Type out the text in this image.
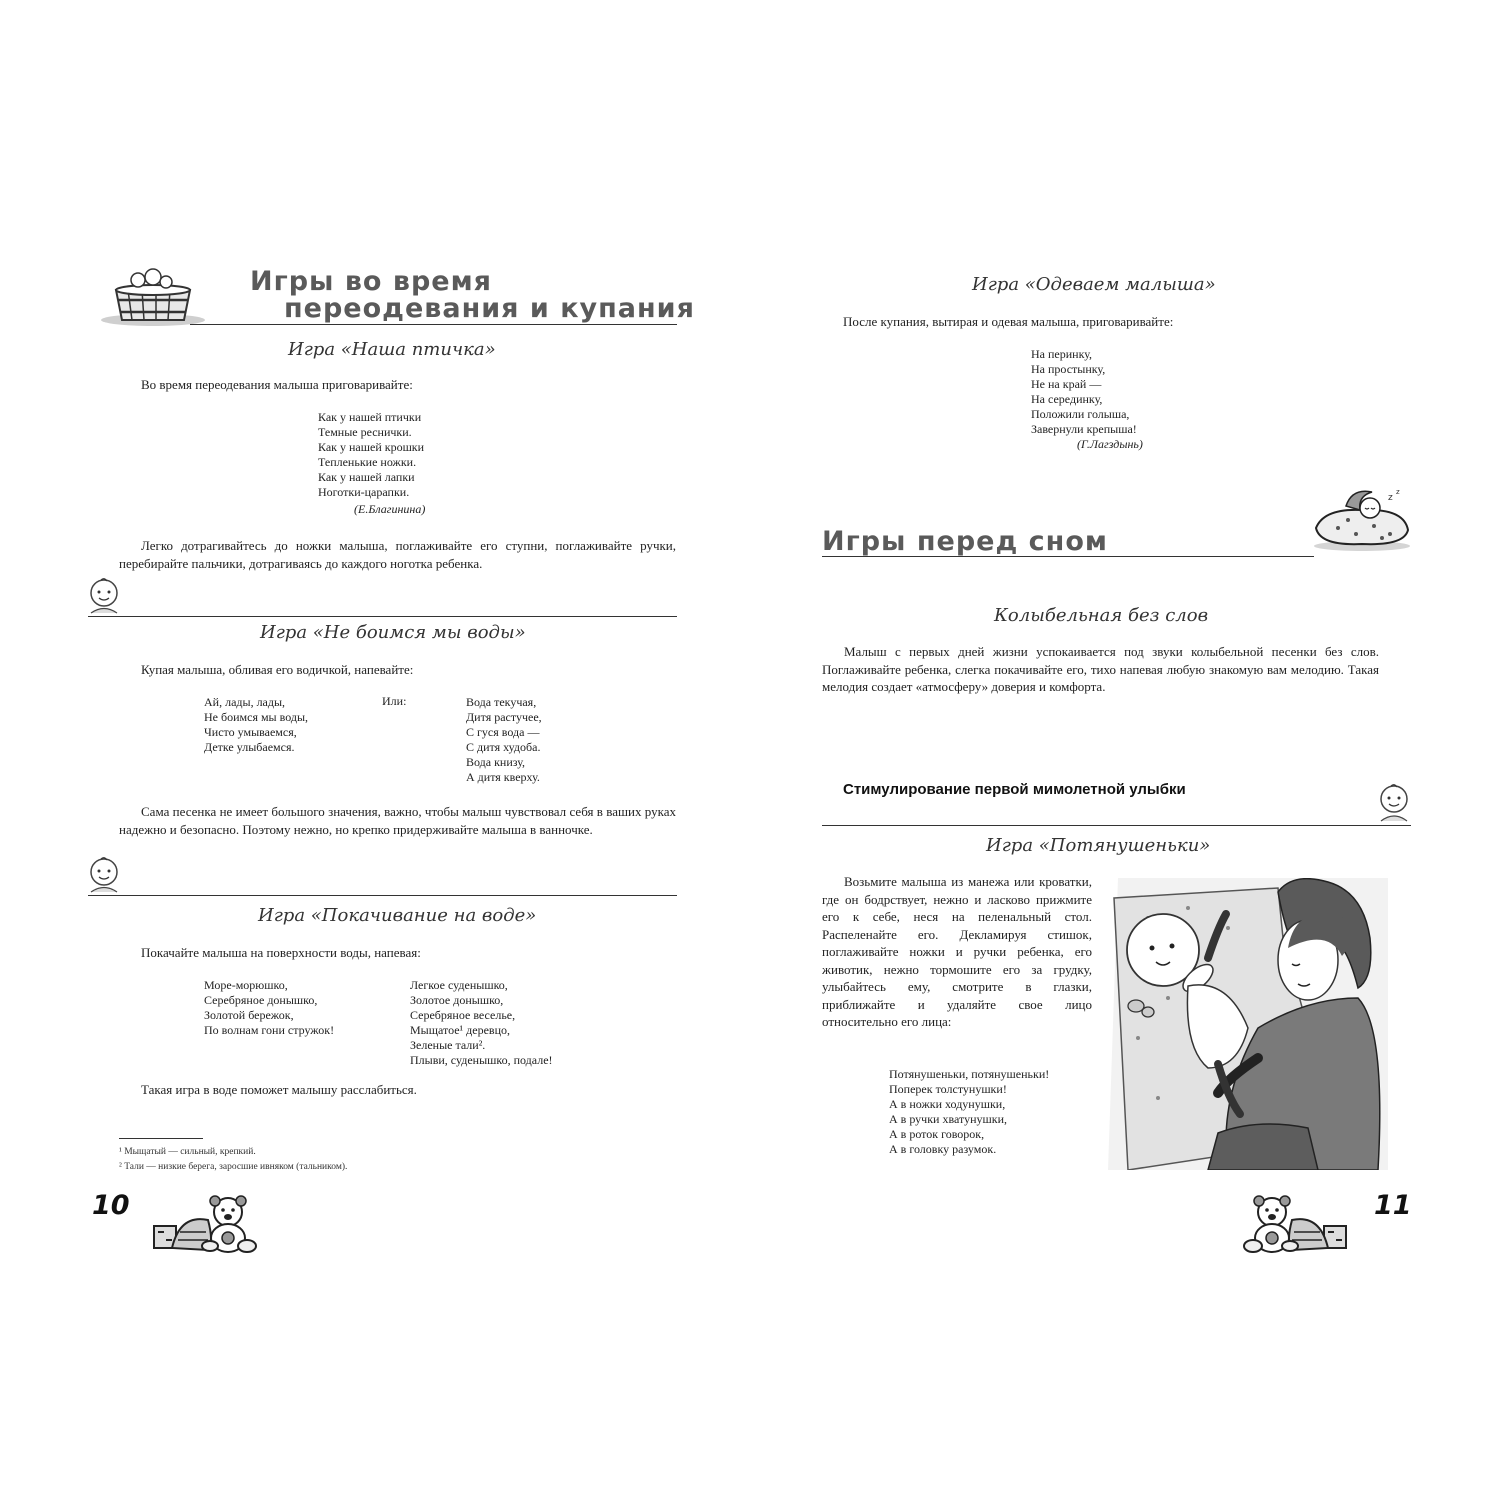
Игры во время
переодевания и купания
Игра «Наша птичка»
Во время переодевания малыша приговаривайте:
Как у нашей птички
Темные реснички.
Как у нашей крошки
Тепленькие ножки.
Как у нашей лапки
Ноготки-царапки.
(Е.Благинина)
Легко дотрагивайтесь до ножки малыша, поглаживайте его ступни, поглаживайте ручки, перебирайте пальчики, дотрагиваясь до каждого ноготка ребенка.
Игра «Не боимся мы воды»
Купая малыша, обливая его водичкой, напевайте:
Ай, лады, лады,
Не боимся мы воды,
Чисто умываемся,
Детке улыбаемся.
Или:	Вода текучая,
Дитя растучее,
С гуся вода —
С дитя худоба.
Вода книзу,
А дитя кверху.
Сама песенка не имеет большого значения, важно, чтобы малыш чувствовал себя в ваших руках надежно и безопасно. Поэтому нежно, но крепко придерживайте малыша в ванночке.
Игра «Покачивание на воде»
Покачайте малыша на поверхности воды, напевая:
Море-морюшко,
Серебряное донышко,
Золотой бережок,
По волнам гони стружок!
Легкое суденышко,
Золотое донышко,
Серебряное веселье,
Мыщатое¹ деревцо,
Зеленые тали².
Плыви, суденышко, подале!
Такая игра в воде поможет малышу расслабиться.
¹ Мыщатый — сильный, крепкий.
² Тали — низкие берега, заросшие ивняком (тальником).
10
Игра «Одеваем малыша»
После купания, вытирая и одевая малыша, приговаривайте:
На перинку,
На простынку,
Не на край —
На серединку,
Положили голыша,
Завернули крепыша!
(Г.Лагздынь)
z
z
Игры перед сном
Колыбельная без слов
Малыш с первых дней жизни успокаивается под звуки колыбельной песенки без слов. Поглаживайте ребенка, слегка покачивайте его, тихо напевая любую знакомую вам мелодию. Такая мелодия создает «атмосферу» доверия и комфорта.
Стимулирование первой мимолетной улыбки
Игра «Потянушеньки»
Возьмите малыша из манежа или кроватки, где он бодрствует, нежно и ласково прижмите его к себе, неся на пеленальный стол. Распеленайте его. Декламируя стишок, поглаживайте ножки и ручки ребенка, его животик, нежно тормошите его за грудку, улыбайтесь ему, смотрите в глазки, приближайте и удаляйте свое лицо относительно его лица:
Потянушеньки, потянушеньки!
Поперек толстунушки!
А в ножки ходунушки,
А в ручки хватунушки,
А в роток говорок,
А в головку разумок.
11
